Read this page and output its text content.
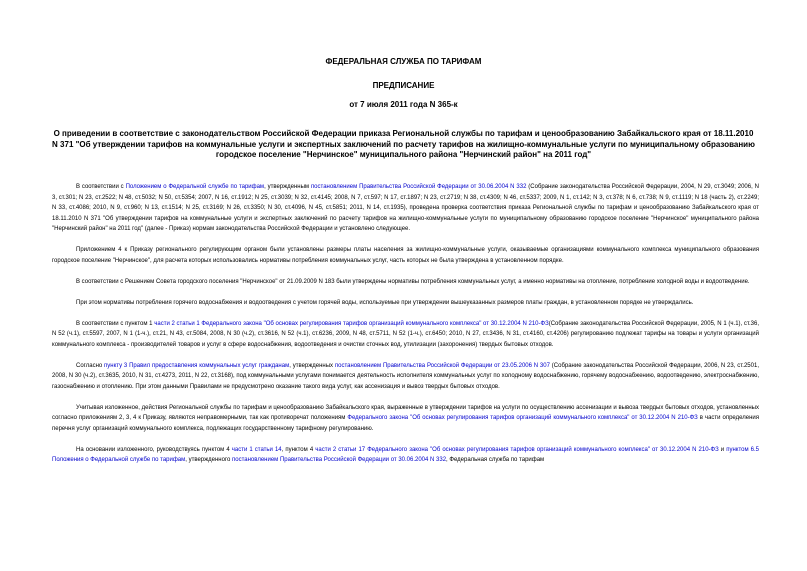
ФЕДЕРАЛЬНАЯ СЛУЖБА ПО ТАРИФАМ
ПРЕДПИСАНИЕ
от 7 июля 2011 года N 365-к
О приведении в соответствие с законодательством Российской Федерации приказа Региональной службы по тарифам и ценообразованию Забайкальского края от 18.11.2010 N 371 "Об утверждении тарифов на коммунальные услуги и экспертных заключений по расчету тарифов на жилищно-коммунальные услуги по муниципальному образованию городское поселение "Нерчинское" муниципального района "Нерчинский район" на 2011 год"

В соответствии с Положением о Федеральной службе по тарифам, утвержденным постановлением Правительства Российской Федерации от 30.06.2004 N 332 (Собрание законодательства Российской Федерации, 2004, N 29, ст.3049; 2006, N 3, ст.301; N 23, ст.2522; N 48, ст.5032; N 50, ст.5354; 2007, N 16, ст.1912; N 25, ст.3039; N 32, ст.4145; 2008, N 7, ст.597; N 17, ст.1897; N 23, ст.2719; N 38, ст.4309; N 46, ст.5337; 2009, N 1, ст.142; N 3, ст.378; N 6, ст.738; N 9, ст.1119; N 18 (часть 2), ст.2249; N 33, ст.4086; 2010, N 9, ст.960; N 13, ст.1514; N 25, ст.3169; N 26, ст.3350; N 30, ст.4096, N 45, ст.5851; 2011, N 14, ст.1935), проведена проверка соответствия приказа Региональной службы по тарифам и ценообразованию Забайкальского края от 18.11.2010 N 371 "Об утверждении тарифов на коммунальные услуги и экспертных заключений по расчету тарифов на жилищно-коммунальные услуги по муниципальному образованию городское поселение "Нерчинское" муниципального района "Нерчинский район" на 2011 год" (далее - Приказ) нормам законодательства Российской Федерации и установлено следующее.

Приложением 4 к Приказу регионального регулирующим органом были установлены размеры платы населения за жилищно-коммунальные услуги, оказываемые организациями коммунального комплекса муниципального образования городское поселение "Нерчинское", для расчета которых использовались нормативы потребления коммунальных услуг, часть которых не была утверждена в установленном порядке.

В соответствии с Решением Совета городского поселения "Нерчинское" от 21.09.2009 N 183 были утверждены нормативы потребления коммунальных услуг, а именно нормативы на отопление, потребление холодной воды и водоотведение.

При этом нормативы потребления горячего водоснабжения и водоотведения с учетом горячей воды, используемые при утверждении вышеуказанных размеров платы граждан, в установленном порядке не утверждались.

В соответствии с пунктом 1 части 2 статьи 1 Федерального закона "Об основах регулирования тарифов организаций коммунального комплекса" от 30.12.2004 N 210-ФЗ(Собрание законодательства Российской Федерации, 2005, N 1 (ч.1), ст.36, N 52 (ч.1), ст.5597, 2007, N 1 (1-ч.), ст.21, N 43, ст.5084, 2008, N 30 (ч.2), ст.3616, N 52 (ч.1), ст.6236, 2009, N 48, ст.5711, N 52 (1-ч.), ст.6450; 2010, N 27, ст.3436, N 31, ст.4160, ст.4206) регулированию подлежат тарифы на товары и услуги организаций коммунального комплекса - производителей товаров и услуг в сфере водоснабжения, водоотведения и очистки сточных вод, утилизации (захоронения) твердых бытовых отходов.

Согласно пункту 3 Правил предоставления коммунальных услуг гражданам, утвержденных постановлением Правительства Российской Федерации от 23.05.2006 N 307 (Собрание законодательства Российской Федерации, 2006, N 23, ст.2501, 2008, N 30 (ч.2), ст.3635, 2010, N 31, ст.4273, 2011, N 22, ст.3168), под коммунальными услугами понимается деятельность исполнителя коммунальных услуг по холодному водоснабжению, горячему водоснабжению, водоотведению, электроснабжению, газоснабжению и отоплению. При этом данными Правилами не предусмотрено оказание такого вида услуг, как ассенизация и вывоз твердых бытовых отходов.

Учитывая изложенное, действия Региональной службы по тарифам и ценообразованию Забайкальского края, выраженные в утверждении тарифов на услуги по осуществлению ассенизации и вывоза твердых бытовых отходов, установленных согласно приложениям 2, 3, 4 к Приказу, являются неправомерными, так как противоречат положениям Федерального закона "Об основах регулирования тарифов организаций коммунального комплекса" от 30.12.2004 N 210-ФЗ в части определения перечня услуг организаций коммунального комплекса, подлежащих государственному тарифному регулированию.

На основании изложенного, руководствуясь пунктом 4 части 1 статьи 14, пунктом 4 части 2 статьи 17 Федерального закона "Об основах регулирования тарифов организаций коммунального комплекса" от 30.12.2004 N 210-ФЗ и пунктом 6.5 Положения о Федеральной службе по тарифам, утвержденного постановлением Правительства Российской Федерации от 30.06.2004 N 332, Федеральная служба по тарифам
